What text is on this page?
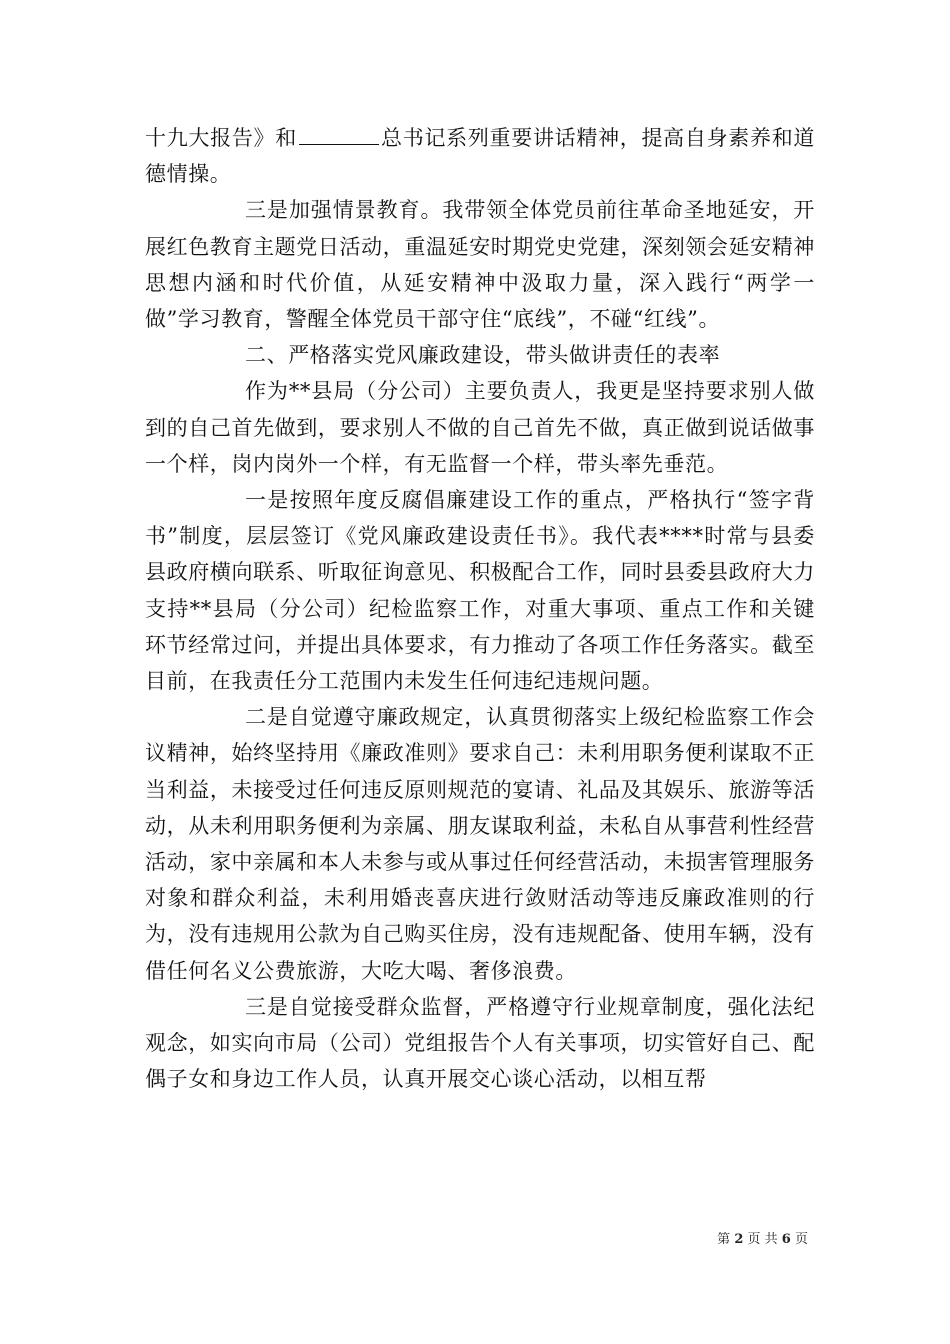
十九大报告》和	总书记系列重要讲话精神，提高自身素养和道德情操。

三是加强情景教育。我带领全体党员前往革命圣地延安，开展红色教育主题党日活动，重温延安时期党史党建，深刻领会延安精神思想内涵和时代价值，从延安精神中汲取力量，深入践行“两学一做”学习教育，警醒全体党员干部守住“底线”，不碰“红线”。

二、严格落实党风廉政建设，带头做讲责任的表率

作为**县局（分公司）主要负责人，我更是坚持要求别人做到的自己首先做到，要求别人不做的自己首先不做，真正做到说话做事一个样，岗内岗外一个样，有无监督一个样，带头率先垂范。

一是按照年度反腐倡廉建设工作的重点，严格执行“签字背书”制度，层层签订《党风廉政建设责任书》。我代表****时常与县委县政府横向联系、听取征询意见、积极配合工作，同时县委县政府大力支持**县局（分公司）纪检监察工作，对重大事项、重点工作和关键环节经常过问，并提出具体要求，有力推动了各项工作任务落实。截至目前，在我责任分工范围内未发生任何违纪违规问题。

二是自觉遵守廉政规定，认真贯彻落实上级纪检监察工作会议精神，始终坚持用《廉政准则》要求自己：未利用职务便利谋取不正当利益，未接受过任何违反原则规范的宴请、礼品及其娱乐、旅游等活动，从未利用职务便利为亲属、朋友谋取利益，未私自从事营利性经营活动，家中亲属和本人未参与或从事过任何经营活动，未损害管理服务对象和群众利益，未利用婚丧喜庆进行敛财活动等违反廉政准则的行为，没有违规用公款为自己购买住房，没有违规配备、使用车辆，没有借任何名义公费旅游，大吃大喝、奢侈浪费。

三是自觉接受群众监督，严格遵守行业规章制度，强化法纪观念，如实向市局（公司）党组报告个人有关事项，切实管好自己、配偶子女和身边工作人员，认真开展交心谈心活动，以相互帮

第 2 页 共 6 页
